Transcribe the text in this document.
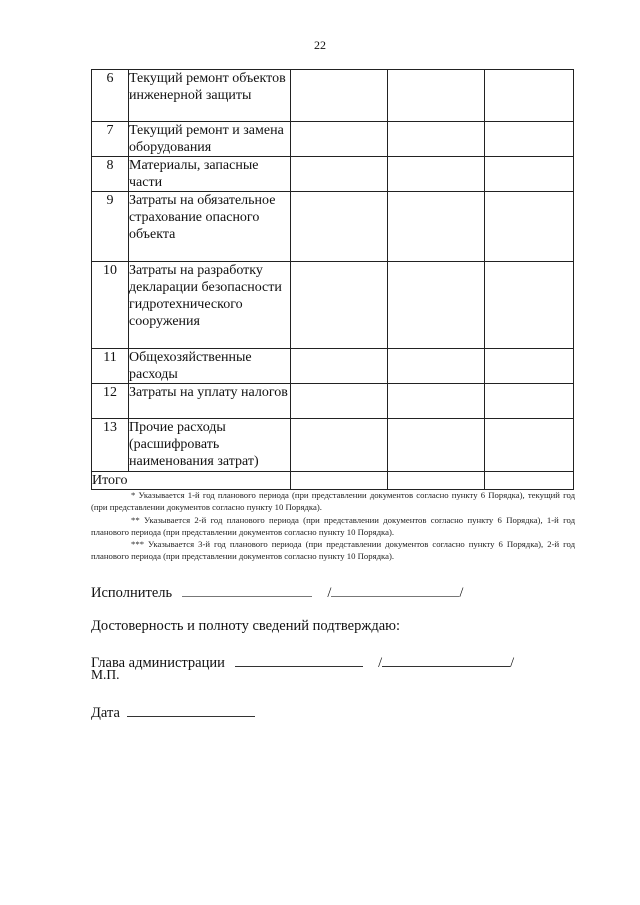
22
6	Текущий ремонт объектов инженерной защиты			
7	Текущий ремонт и замена оборудования			
8	Материалы, запасные части			
9	Затраты на обязательное страхование опасного объекта			
10	Затраты на разработку декларации безопасности гидротехнического сооружения			
11	Общехозяйственные расходы			
12	Затраты на уплату налогов			
13	Прочие расходы (расшифровать наименования затрат)			
Итого				

* Указывается 1-й год планового периода (при представлении документов согласно пункту 6 Порядка), текущий год (при представлении документов согласно пункту 10 Порядка).

** Указывается 2-й год планового периода (при представлении документов согласно пункту 6 Порядка), 1-й год планового периода (при представлении документов согласно пункту 10 Порядка).

*** Указывается 3-й год планового периода (при представлении документов согласно пункту 6 Порядка), 2-й год планового периода (при представлении документов согласно пункту 10 Порядка).

Исполнитель	/	/
Достоверность и полноту сведений подтверждаю:
Глава администрации	/	/
М.П.
Дата
